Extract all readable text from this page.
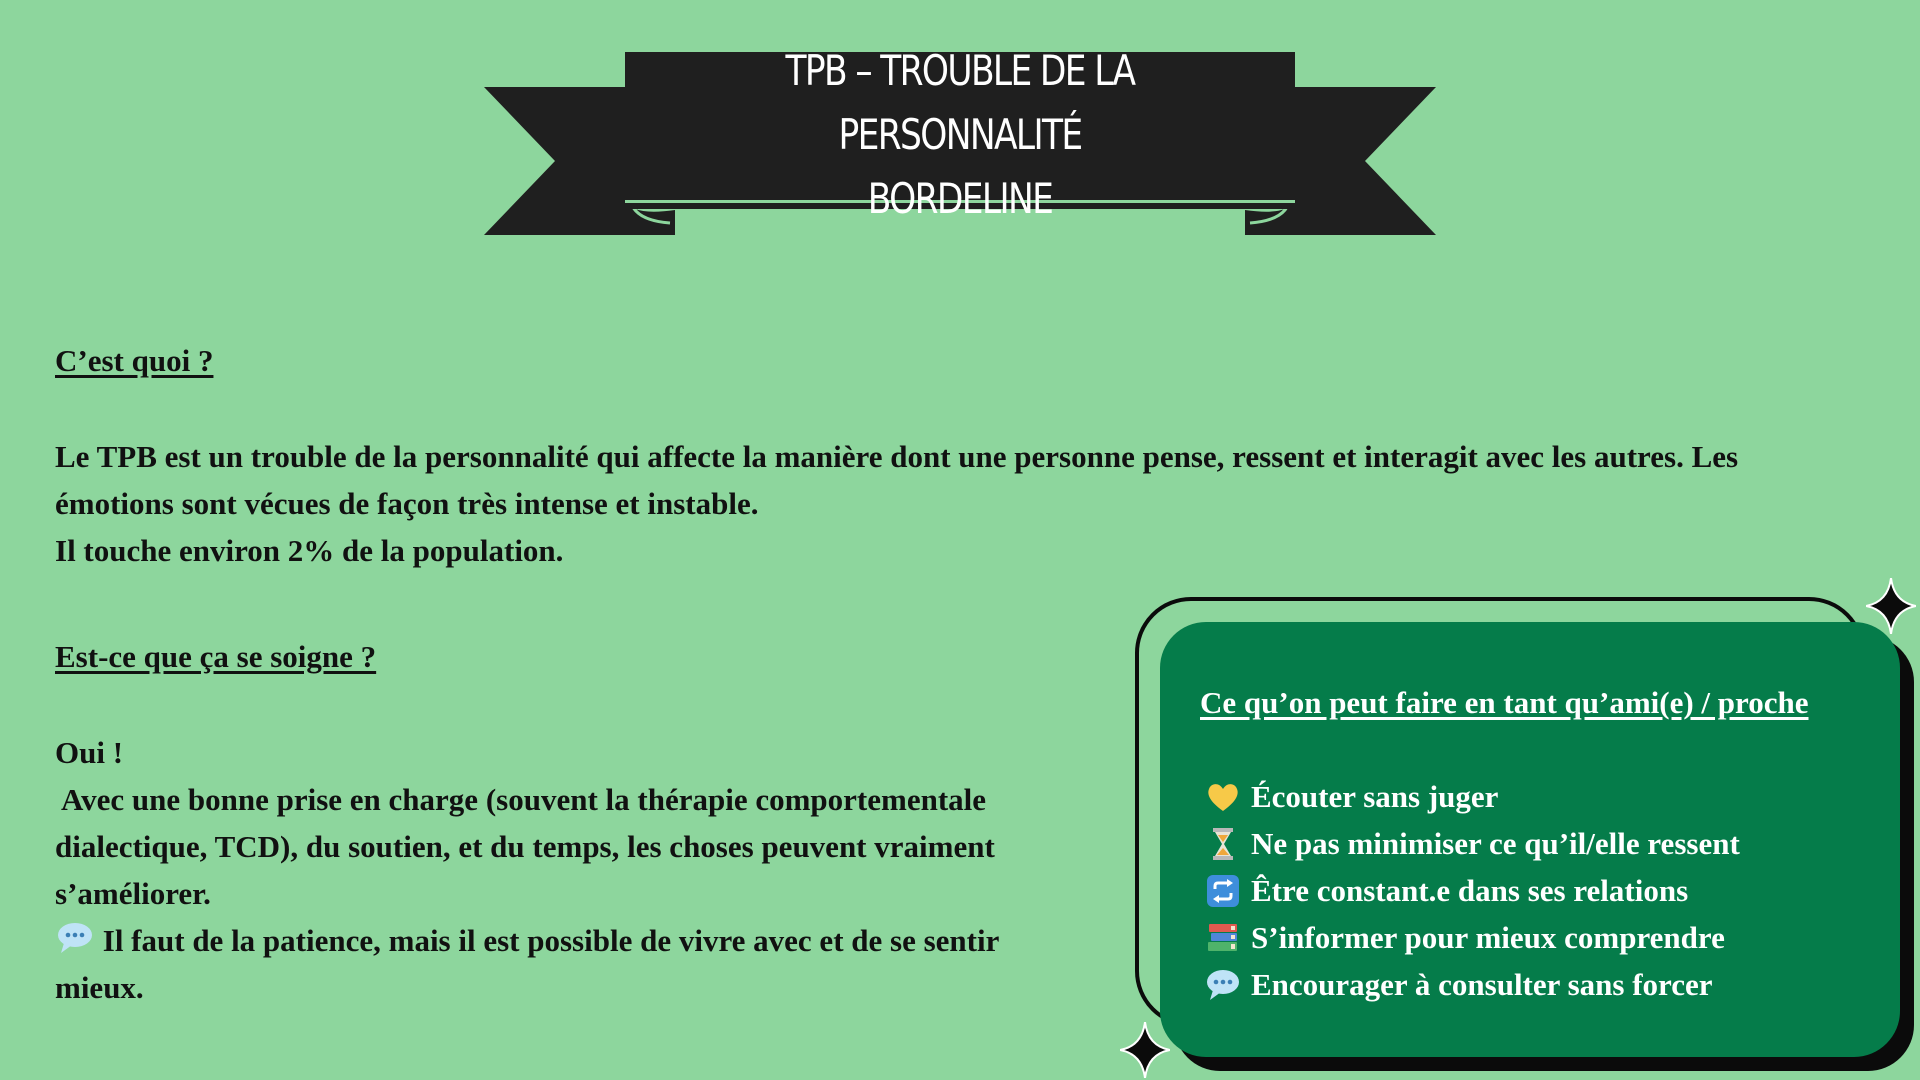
TPB – TROUBLE DE LA PERSONNALITÉ
BORDELINE
C’est quoi ?

Le TPB est un trouble de la personnalité qui affecte la manière dont une personne pense, ressent et interagit avec les autres. Les
émotions sont vécues de façon très intense et instable.
Il touche environ 2% de la population.

Est-ce que ça se soigne ?

Oui !
Avec une bonne prise en charge (souvent la thérapie comportementale
dialectique, TCD), du soutien, et du temps, les choses peuvent vraiment
s’améliorer.
Il faut de la patience, mais il est possible de vivre avec et de se sentir
mieux.

Ce qu’on peut faire en tant qu’ami(e) / proche
Écouter sans juger
Ne pas minimiser ce qu’il/elle ressent
Être constant.e dans ses relations
S’informer pour mieux comprendre
Encourager à consulter sans forcer
